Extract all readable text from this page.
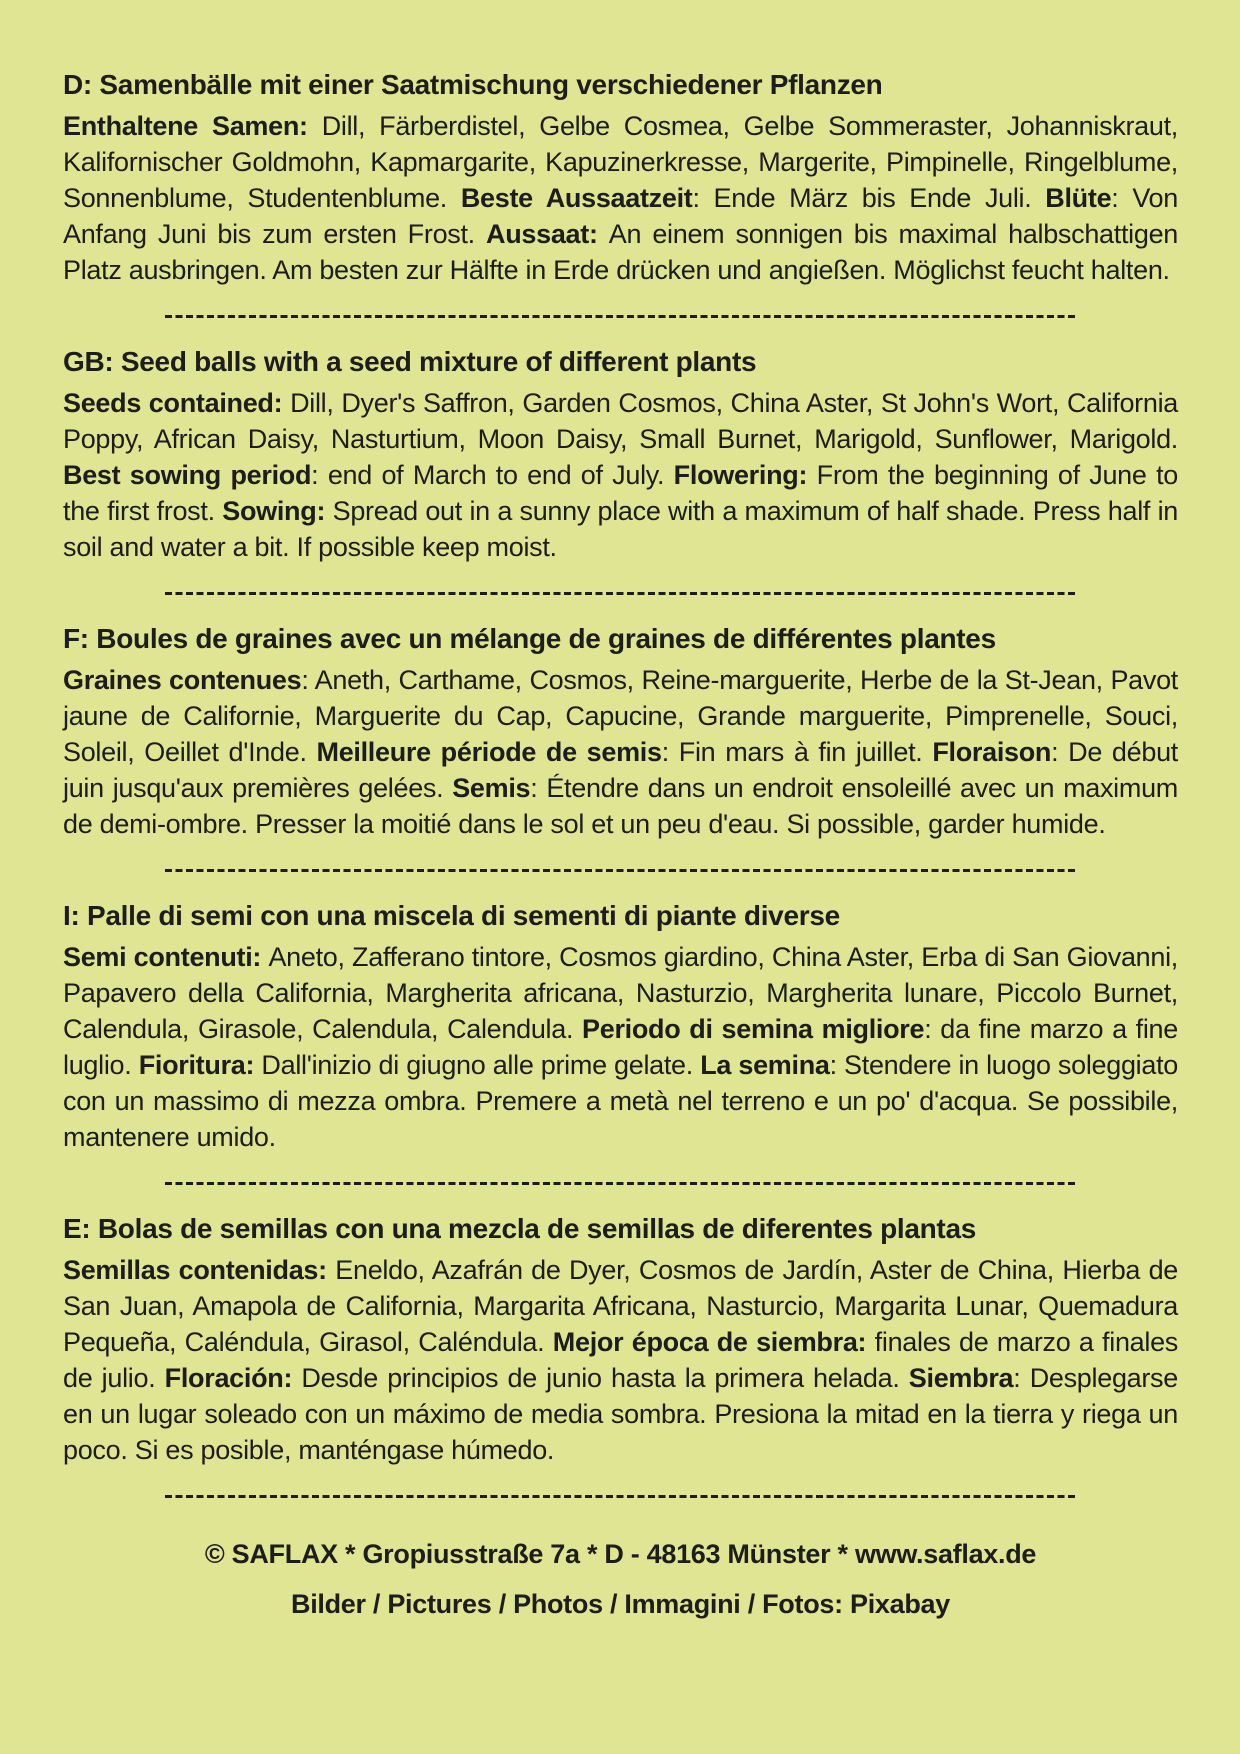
D: Samenbälle mit einer Saatmischung verschiedener Pflanzen

Enthaltene Samen: Dill, Färberdistel, Gelbe Cosmea, Gelbe Sommeraster, Johanniskraut, Kalifornischer Goldmohn, Kapmargarite, Kapuzinerkresse, Margerite, Pimpinelle, Ringelblume, Sonnenblume, Studentenblume. Beste Aussaatzeit: Ende März bis Ende Juli. Blüte: Von Anfang Juni bis zum ersten Frost. Aussaat: An einem sonnigen bis maximal halbschattigen Platz ausbringen. Am besten zur Hälfte in Erde drücken und angießen. Möglichst feucht halten.

GB: Seed balls with a seed mixture of different plants

Seeds contained: Dill, Dyer's Saffron, Garden Cosmos, China Aster, St John's Wort, California Poppy, African Daisy, Nasturtium, Moon Daisy, Small Burnet, Marigold, Sunflower, Marigold. Best sowing period: end of March to end of July. Flowering: From the beginning of June to the first frost. Sowing: Spread out in a sunny place with a maximum of half shade. Press half in soil and water a bit. If possible keep moist.

F: Boules de graines avec un mélange de graines de différentes plantes

Graines contenues: Aneth, Carthame, Cosmos, Reine-marguerite, Herbe de la St-Jean, Pavot jaune de Californie, Marguerite du Cap, Capucine, Grande marguerite, Pimprenelle, Souci, Soleil, Oeillet d'Inde. Meilleure période de semis: Fin mars à fin juillet. Floraison: De début juin jusqu'aux premières gelées. Semis: Étendre dans un endroit ensoleillé avec un maximum de demi-ombre. Presser la moitié dans le sol et un peu d'eau. Si possible, garder humide.

I: Palle di semi con una miscela di sementi di piante diverse

Semi contenuti: Aneto, Zafferano tintore, Cosmos giardino, China Aster, Erba di San Giovanni, Papavero della California, Margherita africana, Nasturzio, Margherita lunare, Piccolo Burnet, Calendula, Girasole, Calendula, Calendula. Periodo di semina migliore: da fine marzo a fine luglio. Fioritura: Dall'inizio di giugno alle prime gelate. La semina: Stendere in luogo soleggiato con un massimo di mezza ombra. Premere a metà nel terreno e un po' d'acqua. Se possibile, mantenere umido.

E: Bolas de semillas con una mezcla de semillas de diferentes plantas

Semillas contenidas: Eneldo, Azafrán de Dyer, Cosmos de Jardín, Aster de China, Hierba de San Juan, Amapola de California, Margarita Africana, Nasturcio, Margarita Lunar, Quemadura Pequeña, Caléndula, Girasol, Caléndula. Mejor época de siembra: finales de marzo a finales de julio. Floración: Desde principios de junio hasta la primera helada. Siembra: Desplegarse en un lugar soleado con un máximo de media sombra. Presiona la mitad en la tierra y riega un poco. Si es posible, manténgase húmedo.

© SAFLAX * Gropiusstraße 7a * D - 48163 Münster * www.saflax.de
Bilder / Pictures / Photos / Immagini / Fotos: Pixabay
